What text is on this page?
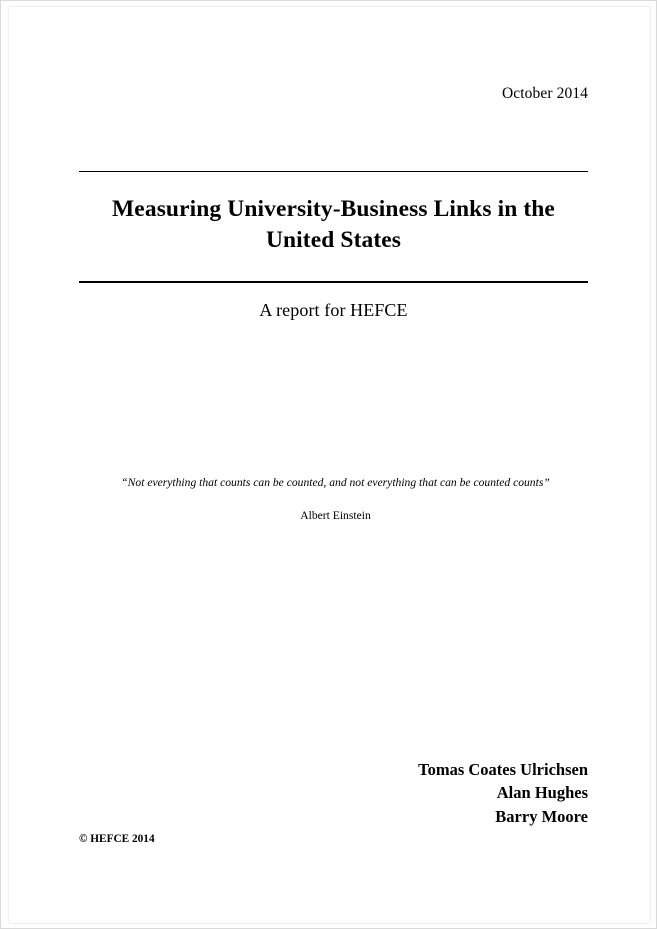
October 2014
Measuring University-Business Links in the United States
A report for HEFCE
“Not everything that counts can be counted, and not everything that can be counted counts”
Albert Einstein
Tomas Coates Ulrichsen
Alan Hughes
Barry Moore
© HEFCE 2014
